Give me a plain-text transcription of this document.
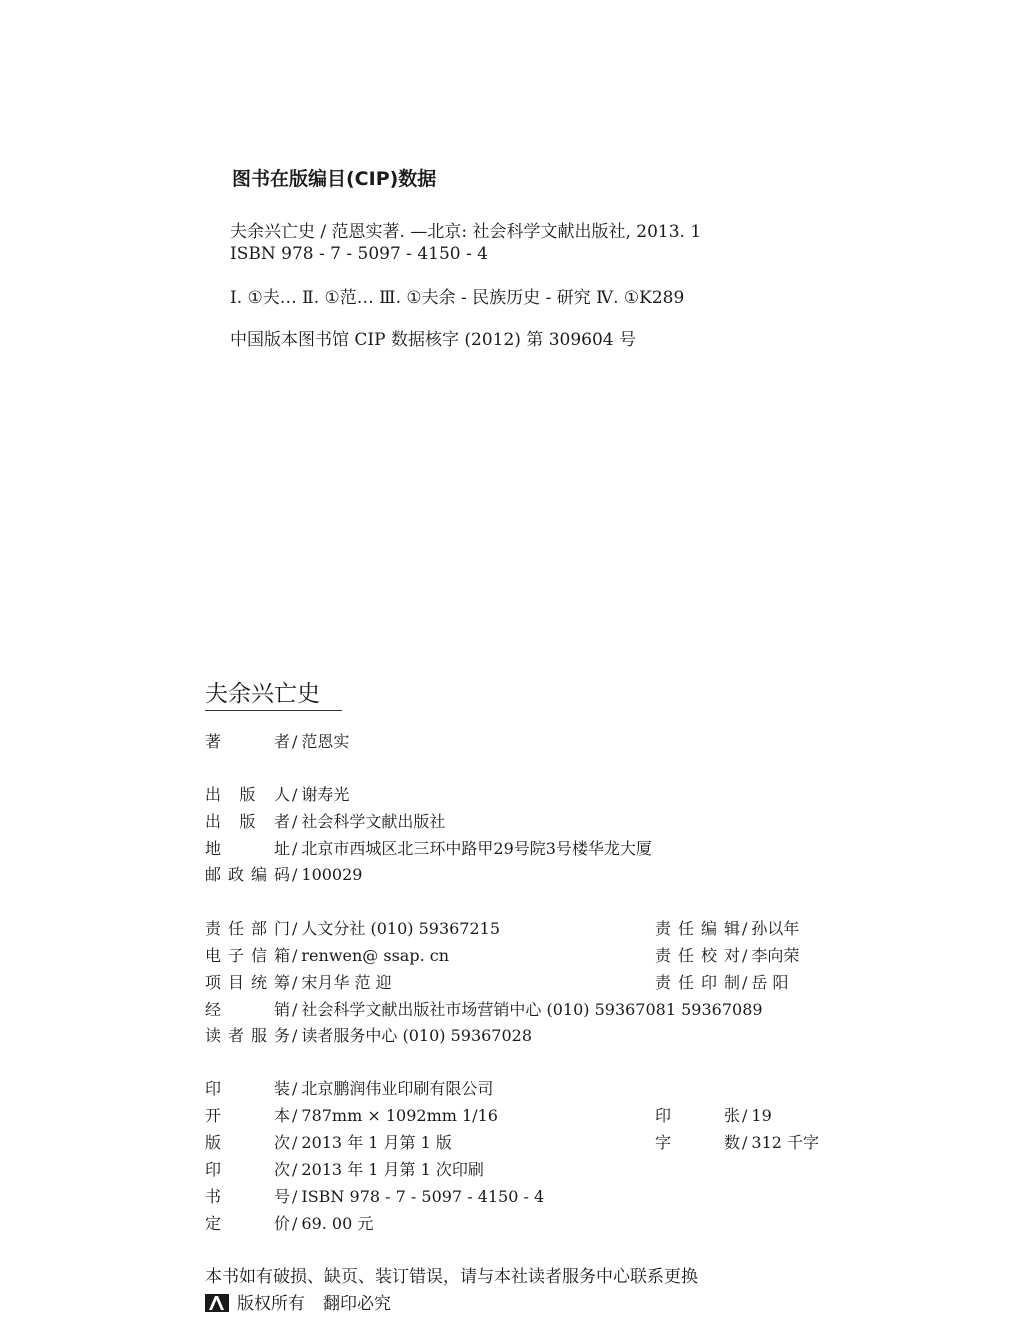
图书在版编目(CIP)数据
夫余兴亡史 / 范恩实著. —北京: 社会科学文献出版社, 2013. 1
ISBN 978 - 7 - 5097 - 4150 - 4
Ⅰ. ①夫… Ⅱ. ①范… Ⅲ. ①夫余 - 民族历史 - 研究 Ⅳ. ①K289
中国版本图书馆 CIP 数据核字 (2012) 第 309604 号
夫余兴亡史
著 者 / 范恩实
出版人 / 谢寿光
出版者 / 社会科学文献出版社
地 址 / 北京市西城区北三环中路甲29号院3号楼华龙大厦
邮政编码 / 100029
责任部门 / 人文分社 (010) 59367215
电子信箱 / renwen@ ssap. cn
项目统筹 / 宋月华 范 迎
经 销 / 社会科学文献出版社市场营销中心 (010) 59367081 59367089
读者服务 / 读者服务中心 (010) 59367028
责任编辑 / 孙以年
责任校对 / 李向荣
责任印制 / 岳 阳
印 装 / 北京鹏润伟业印刷有限公司
开 本 / 787mm × 1092mm 1/16
版 次 / 2013 年 1 月第 1 版
印 次 / 2013 年 1 月第 1 次印刷
书 号 / ISBN 978 - 7 - 5097 - 4150 - 4
定 价 / 69. 00 元
印 张 / 19
字 数 / 312 千字
本书如有破损、缺页、装订错误，请与本社读者服务中心联系更换
版权所有 翻印必究
